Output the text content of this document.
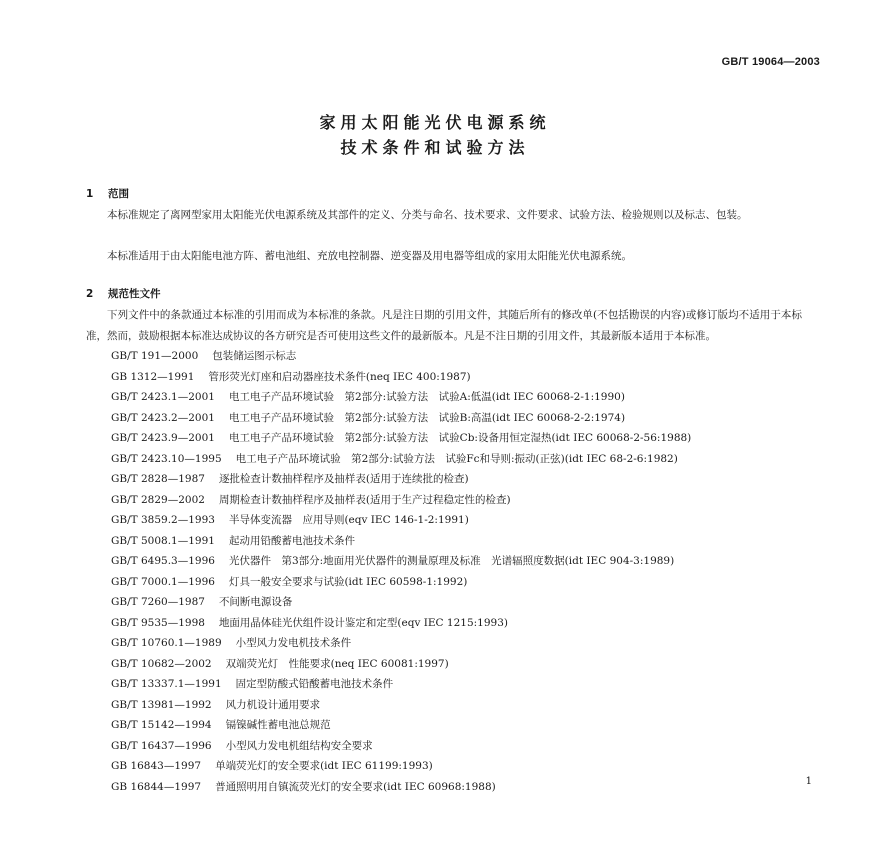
GB/T 19064—2003
家用太阳能光伏电源系统
技术条件和试验方法
1 范围

本标准规定了离网型家用太阳能光伏电源系统及其部件的定义、分类与命名、技术要求、文件要求、试验方法、检验规则以及标志、包装。

本标准适用于由太阳能电池方阵、蓄电池组、充放电控制器、逆变器及用电器等组成的家用太阳能光伏电源系统。

2 规范性文件

下列文件中的条款通过本标准的引用而成为本标准的条款。凡是注日期的引用文件，其随后所有的修改单(不包括勘误的内容)或修订版均不适用于本标准，然而，鼓励根据本标准达成协议的各方研究是否可使用这些文件的最新版本。凡是不注日期的引用文件，其最新版本适用于本标准。

1
GB/T 191—2000 包装储运图示标志
GB 1312—1991 管形荧光灯座和启动器座技术条件(neq IEC 400:1987)
GB/T 2423.1—2001 电工电子产品环境试验　第2部分:试验方法　试验A:低温(idt IEC 60068-2-1:1990)
GB/T 2423.2—2001 电工电子产品环境试验　第2部分:试验方法　试验B:高温(idt IEC 60068-2-2:1974)
GB/T 2423.9—2001 电工电子产品环境试验　第2部分:试验方法　试验Cb:设备用恒定湿热(idt IEC 60068-2-56:1988)
GB/T 2423.10—1995 电工电子产品环境试验　第2部分:试验方法　试验Fc和导则:振动(正弦)(idt IEC 68-2-6:1982)
GB/T 2828—1987 逐批检查计数抽样程序及抽样表(适用于连续批的检查)
GB/T 2829—2002 周期检查计数抽样程序及抽样表(适用于生产过程稳定性的检查)
GB/T 3859.2—1993 半导体变流器　应用导则(eqv IEC 146-1-2:1991)
GB/T 5008.1—1991 起动用铅酸蓄电池技术条件
GB/T 6495.3—1996 光伏器件　第3部分:地面用光伏器件的测量原理及标准　光谱辐照度数据(idt IEC 904-3:1989)
GB/T 7000.1—1996 灯具一般安全要求与试验(idt IEC 60598-1:1992)
GB/T 7260—1987 不间断电源设备
GB/T 9535—1998 地面用晶体硅光伏组件设计鉴定和定型(eqv IEC 1215:1993)
GB/T 10760.1—1989 小型风力发电机技术条件
GB/T 10682—2002 双端荧光灯　性能要求(neq IEC 60081:1997)
GB/T 13337.1—1991 固定型防酸式铅酸蓄电池技术条件
GB/T 13981—1992 风力机设计通用要求
GB/T 15142—1994 镉镍碱性蓄电池总规范
GB/T 16437—1996 小型风力发电机组结构安全要求
GB 16843—1997 单端荧光灯的安全要求(idt IEC 61199:1993)
GB 16844—1997 普通照明用自镇流荧光灯的安全要求(idt IEC 60968:1988)
